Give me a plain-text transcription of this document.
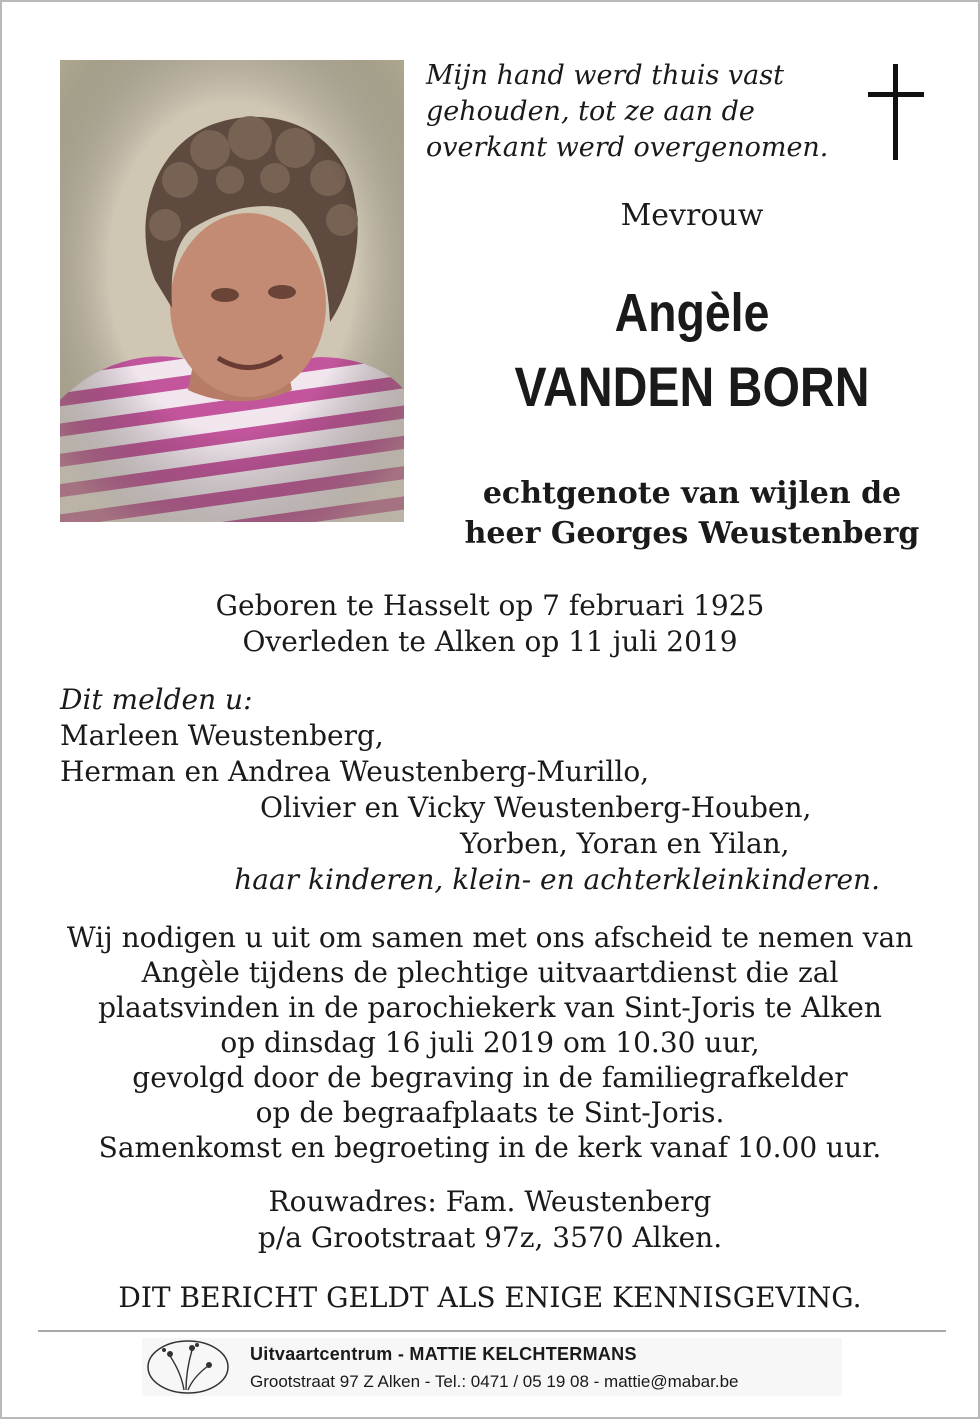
Mijn hand werd thuis vast
gehouden, tot ze aan de
overkant werd overgenomen.
Mevrouw
Angèle
VANDEN BORN
echtgenote van wijlen de
heer Georges Weustenberg
Geboren te Hasselt op 7 februari 1925
Overleden te Alken op 11 juli 2019
Dit melden u:
Marleen Weustenberg,
Herman en Andrea Weustenberg-Murillo,
Olivier en Vicky Weustenberg-Houben,
Yorben, Yoran en Yilan,
haar kinderen, klein- en achterkleinkinderen.
Wij nodigen u uit om samen met ons afscheid te nemen van
Angèle tijdens de plechtige uitvaartdienst die zal
plaatsvinden in de parochiekerk van Sint-Joris te Alken
op dinsdag 16 juli 2019 om 10.30 uur,
gevolgd door de begraving in de familiegrafkelder
op de begraafplaats te Sint-Joris.
Samenkomst en begroeting in de kerk vanaf 10.00 uur.
Rouwadres: Fam. Weustenberg
p/a Grootstraat 97z, 3570 Alken.
DIT BERICHT GELDT ALS ENIGE KENNISGEVING.
Uitvaartcentrum - MATTIE KELCHTERMANS
Grootstraat 97 Z Alken - Tel.: 0471 / 05 19 08 - mattie@mabar.be
